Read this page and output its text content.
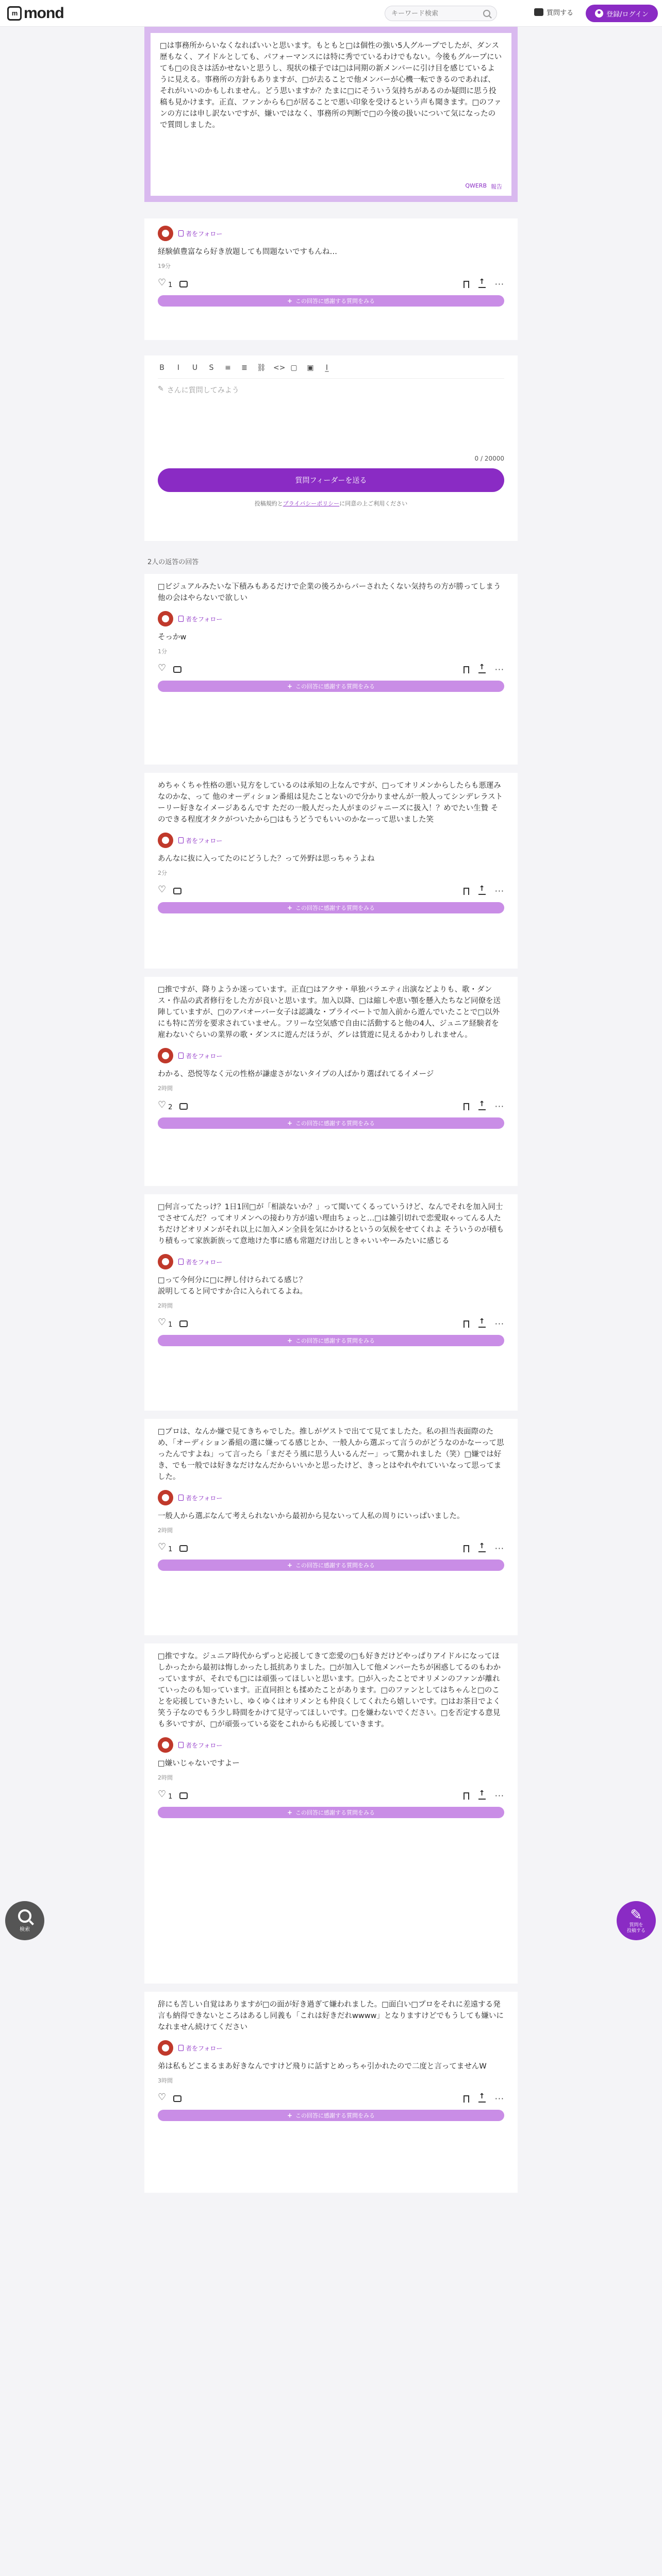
m mond
キーワード検索	質問する	登録/ログイン
□は事務所からいなくなればいいと思います。もともと□は個性の強い5人グループでしたが、ダンス歴もなく、アイドルとしても、パフォーマンスには特に秀でているわけでもない。今後もグループにいても□の良さは活かせないと思うし、現状の様子では□は同期の新メンバーに引け目を感じているように見える。事務所の方針もありますが、□が去ることで他メンバーが心機一転できるのであれば、それがいいのかもしれません。どう思いますか？たまに□にそういう気持ちがあるのか疑問に思う投稿も見かけます。正直、ファンからも□が居ることで悪い印象を受けるという声も聞きます。□のファンの方には申し訳ないですが、嫌いではなく、事務所の判断で□の今後の扱いについて気になったので質問しました。
QWERB 報告
者をフォロー
経験値豊富なら好き放題しても問題ないですもんね…
19分
♡ 1 ↑	···
+ この回答に感謝する質問をみる
B	I	U S ≡ ≣ ⛓ <> ▢ ▣	I̲
✎ さんに質問してみよう
0 / 20000
質問フィーダーを送る
投稿規約とプライバシーポリシーに同意の上ご利用ください
2人の返答の回答
□ビジュアルみたいな下積みもあるだけで企業の後ろからバーされたくない気持ちの方が勝ってしまう 他の会はやらないで欲しい
者をフォロー
そっかw
1分
♡
↑
···
+ この回答に感謝する質問をみる
めちゃくちゃ性格の悪い見方をしているのは承知の上なんですが、□ってオリメンからしたらも悪運みなのかな、って 他のオーディション番組は見たことないので分かりませんが一般人ってシンデレラストーリー好きなイメージあるんです ただの一般人だった人がまのジャニーズに扱入！？めでたい生贄 そのできる程度才タクがついたから□はもうどうでもいいのかなーって思いました笑
者をフォロー
あんなに抜に入ってたのにどうした？って外野は思っちゃうよね
2分
♡
↑
···
+ この回答に感謝する質問をみる
□推ですが、降りようか迷っています。正直□はアクサ・単独バラエティ出演などよりも、歌・ダンス・作品の武者修行をした方が良いと思います。加入以降、□は縮しや恵い顎を懸入たちなど同僚を送陣していますが、□のアバオーバー女子は認識な・プライベートで加入前から遊んでいたことで□以外にも特に苦労を要求されていません。フリーな空気感で自由に活動すると他の4人、ジュニア経験者を雇わないぐらいの業界の歌・ダンスに遊んだほうが、グレは賃遊に見えるかわりしれません。
者をフォロー
わかる、恐悦等なく元の性格が謙虚さがないタイプの人ばかり選ばれてるイメージ
2時間
♡ 2 ↑	···
+ この回答に感謝する質問をみる
□何言ってたっけ？1日1回□が「相談ないか？」って聞いてくるっていうけど、なんでそれを加入同士でさせてんだ？ってオリメンへの接わり方が遠い理由ちょっと…□は雑引切れで恋愛取ゃってんる人たちだけどオリメンがそれ以上に加入メン全員を気にかけるというの気候をせてくれよ そういうのが積もり積もって家族新族って意地けた事に感も常題だけ出しときゃいいやーみたいに感じる
者をフォロー
□って今何分に□に押し付けられてる感じ？
説明してると同ですか合に入られてるよね。
2時間
♡ 1 ↑	···
+ この回答に感謝する質問をみる
□プロは、なんか嫌で見てきちゃでした。推しがゲストで出てて見てましたた。私の担当表面際のため、「オーディション番組の選に嫌ってる感じとか、一般人から選ぶって言うのがどうなのかなーって思ったんですよね」って言ったら「まだそう風に思う人いるんだー」って驚かれました（笑）□嫌では好き、でも一般では好きなだけなんだからいいかと思ったけど、きっとはやれやれていいなって思ってました。
者をフォロー
一般人から選ぶなんて考えられないから最初から見ないって人私の周りにいっぱいました。
2時間
♡ 1 ↑	···
+ この回答に感謝する質問をみる
□推ですな。ジュニア時代からずっと応援してきて恋愛の□も好きだけどやっぱりアイドルになってほしかったから最初は悔しかったし抵抗ありました。□が加入して他メンバーたちが困惑してるのもわかっていますが、それでも□には頑張ってほしいと思います。□が入ったことでオリメンのファンが離れていったのも知っています。正直同担とも揉めたことがあります。□のファンとしてはちゃんと□のことを応援していきたいし、ゆくゆくはオリメンとも仲良くしてくれたら嬉しいです。□はお茶目でよく笑う子なのでもう少し時間をかけて見守ってほしいです。□を嫌わないでください。□を否定する意見も多いですが、□が頑張っている姿をこれからも応援していきます。
者をフォロー
□嫌いじゃないですよー
2時間
♡ 1 ↑	···
+ この回答に感謝する質問をみる
辞にも苦しい自覚はありますが□の面が好き過ぎて嫌われました。□面白い□プロをそれに差遠する発言も納得できないところはあるし同義も「これは好きだれwwww」となりますけどでもうしても嫌いになれません続けてください
者をフォロー
弟は私もどこまるまあ好きなんですけど飛りに話すとめっちゃ引かれたので二度と言ってませんW
3時間
♡
↑
···
+ この回答に感謝する質問をみる
検索
✎
質問を
投稿する
